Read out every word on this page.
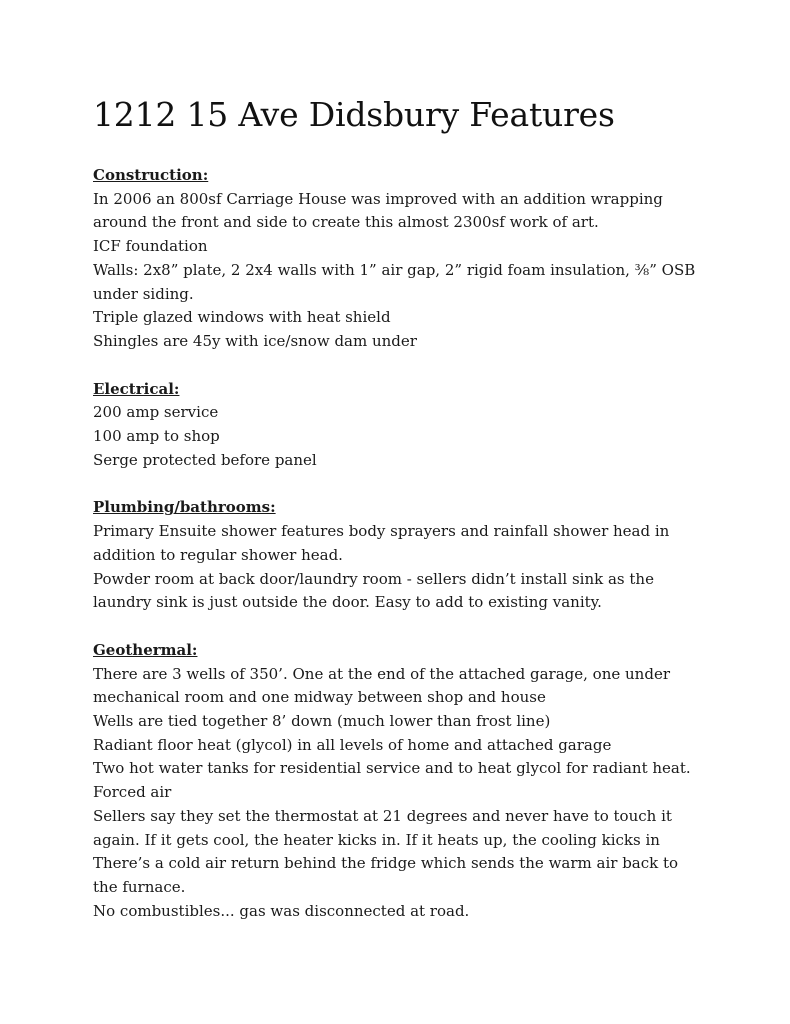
1212 15 Ave Didsbury Features

Construction:

In 2006 an 800sf Carriage House was improved with an addition wrapping

around the front and side to create this almost 2300sf work of art.

ICF foundation

Walls: 2x8” plate, 2 2x4 walls with 1” air gap, 2” rigid foam insulation, ⅜” OSB

under siding.

Triple glazed windows with heat shield

Shingles are 45y with ice/snow dam under

Electrical:

200 amp service

100 amp to shop

Serge protected before panel

Plumbing/bathrooms:

Primary Ensuite shower features body sprayers and rainfall shower head in

addition to regular shower head.

Powder room at back door/laundry room - sellers didn’t install sink as the

laundry sink is just outside the door. Easy to add to existing vanity.

Geothermal:

There are 3 wells of 350’. One at the end of the attached garage, one under

mechanical room and one midway between shop and house

Wells are tied together 8’ down (much lower than frost line)

Radiant floor heat (glycol) in all levels of home and attached garage

Two hot water tanks for residential service and to heat glycol for radiant heat.

Forced air

Sellers say they set the thermostat at 21 degrees and never have to touch it

again. If it gets cool, the heater kicks in. If it heats up, the cooling kicks in

There’s a cold air return behind the fridge which sends the warm air back to

the furnace.

No combustibles... gas was disconnected at road.
